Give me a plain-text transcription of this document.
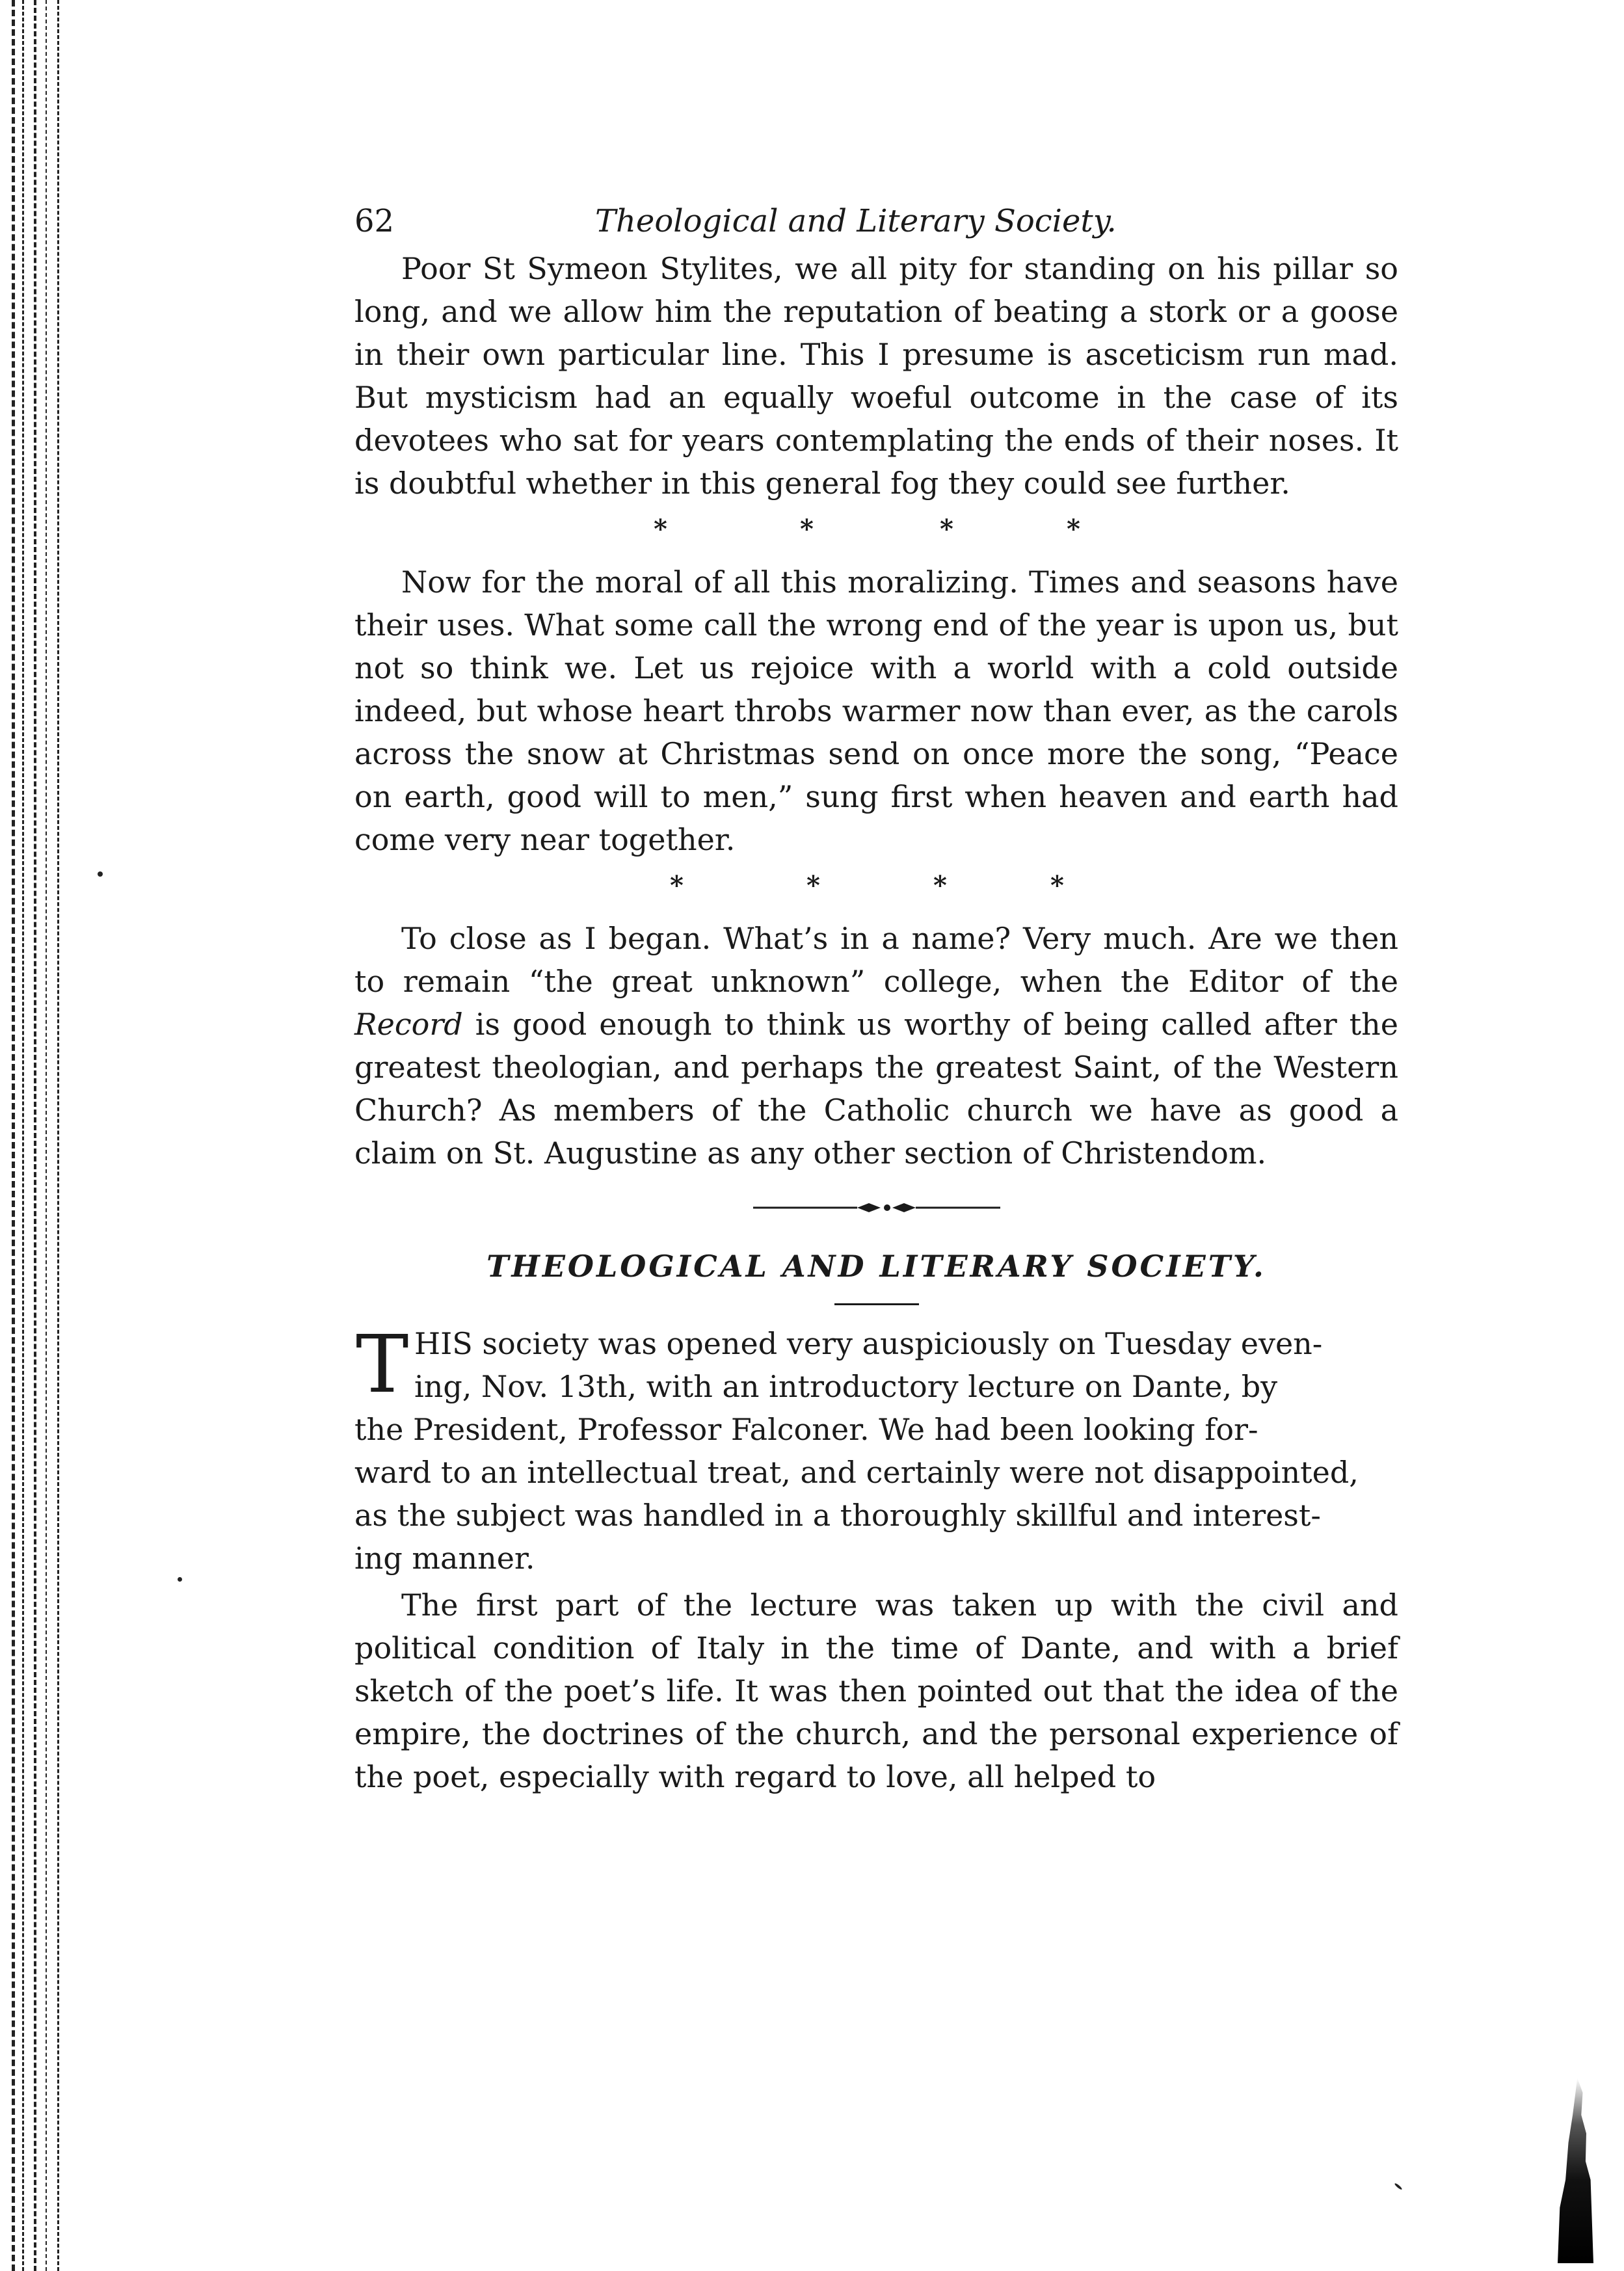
62	Theological and Literary Society.

Poor St Symeon Stylites, we all pity for standing on his pillar so long, and we allow him the reputation of beating a stork or a goose in their own particular line. This I presume is asceticism run mad. But mysticism had an equally woeful outcome in the case of its devotees who sat for years contemplating the ends of their noses. It is doubtful whether in this general fog they could see further.

*	*	*	*

Now for the moral of all this moralizing. Times and seasons have their uses. What some call the wrong end of the year is upon us, but not so think we. Let us rejoice with a world with a cold outside indeed, but whose heart throbs warmer now than ever, as the carols across the snow at Christmas send on once more the song, “Peace on earth, good will to men,” sung first when heaven and earth had come very near together.

*	*	*	*

To close as I began. What’s in a name? Very much. Are we then to remain “the great unknown” college, when the Editor of the Record is good enough to think us worthy of being called after the greatest theologian, and perhaps the greatest Saint, of the Western Church? As members of the Catholic church we have as good a claim on St. Augustine as any other section of Christendom.

THEOLOGICAL AND LITERARY SOCIETY.
T HIS society was opened very auspiciously on Tuesday even-
ing, Nov. 13th, with an introductory lecture on Dante, by
the President, Professor Falconer. We had been looking for-
ward to an intellectual treat, and certainly were not disappointed,
as the subject was handled in a thoroughly skillful and interest-
ing manner.

The first part of the lecture was taken up with the civil and political condition of Italy in the time of Dante, and with a brief sketch of the poet’s life. It was then pointed out that the idea of the empire, the doctrines of the church, and the personal experience of the poet, especially with regard to love, all helped to
